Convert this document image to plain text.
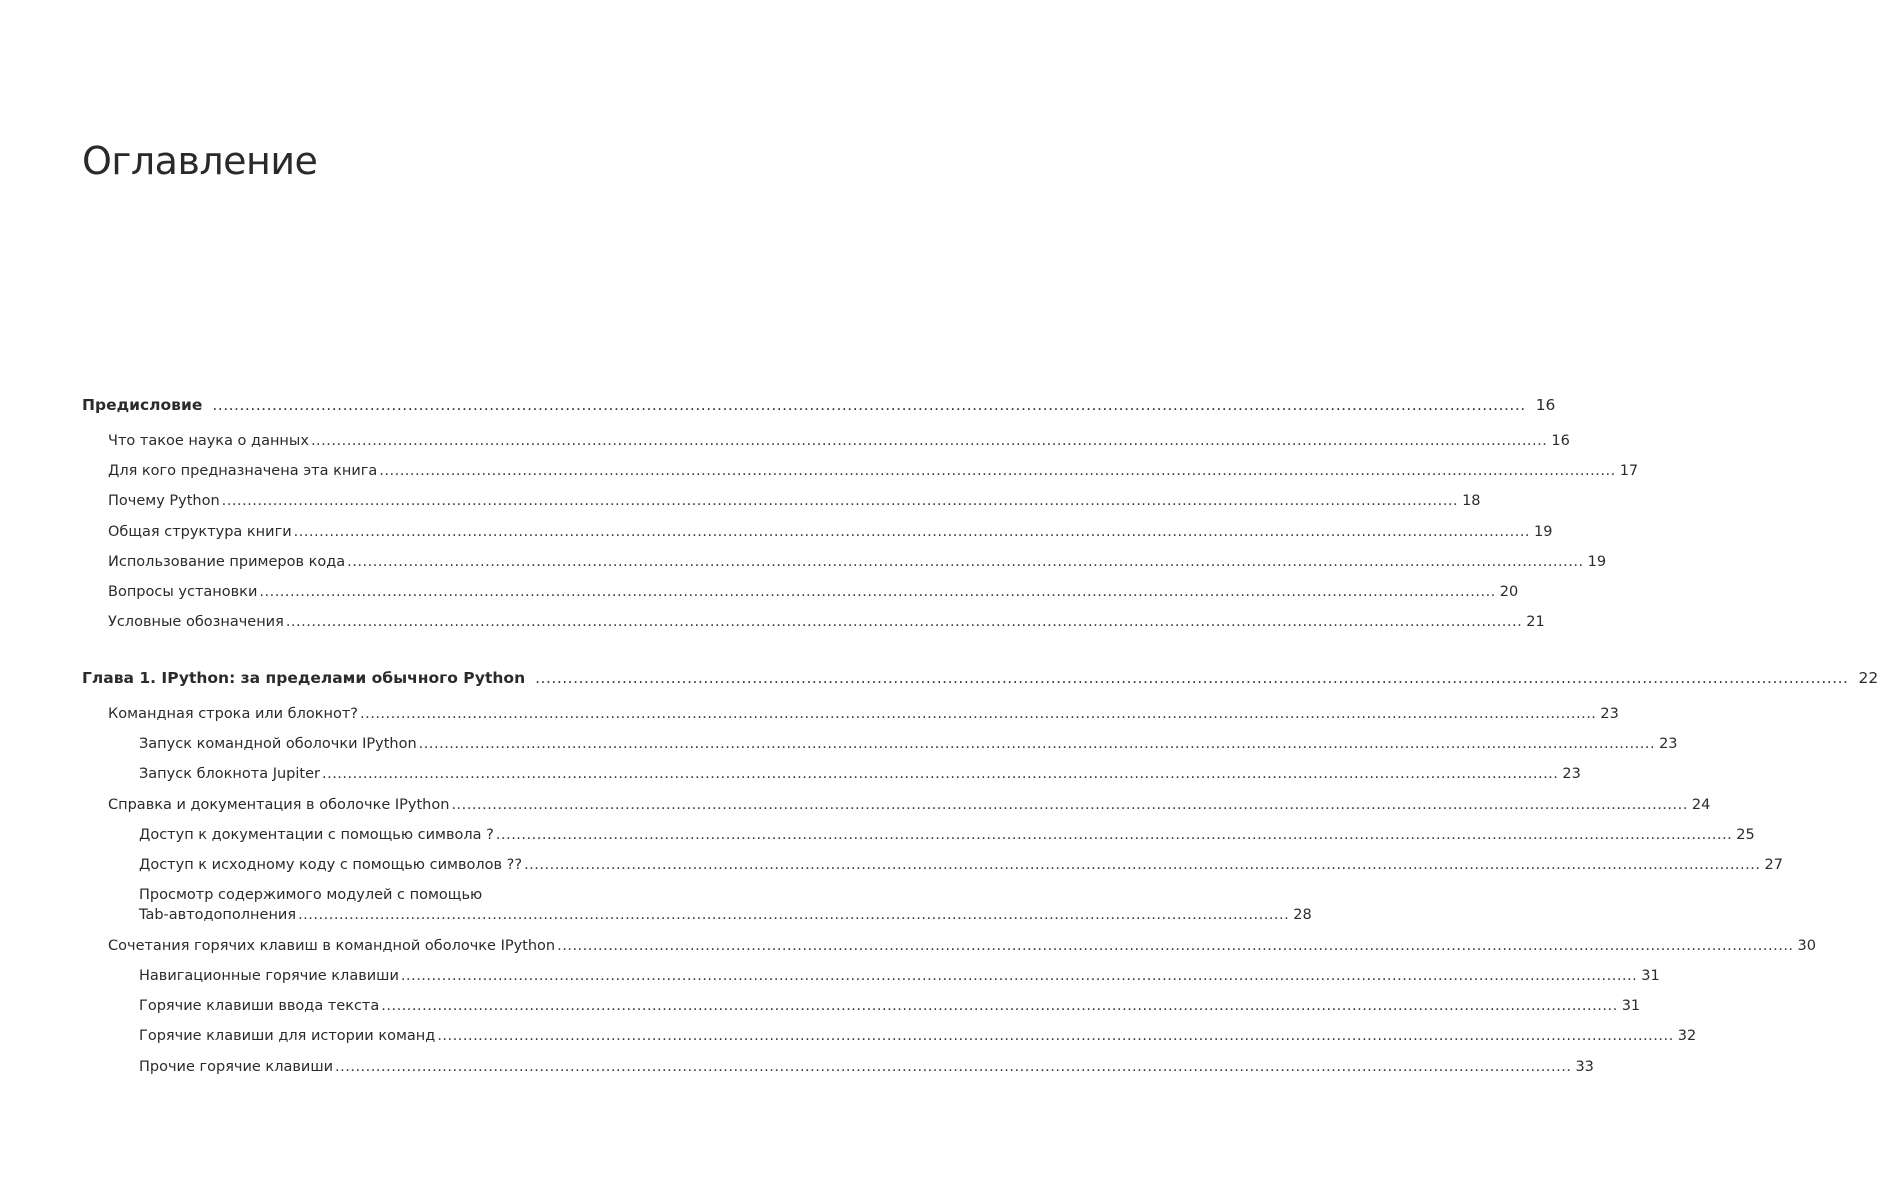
Оглавление
Предисловие .....	16
Что такое наука о данных .....	16
Для кого предназначена эта книга .....	17
Почему Python .....	18
Общая структура книги .....	19
Использование примеров кода .....	19
Вопросы установки .....	20
Условные обозначения .....	21
Глава 1. IPython: за пределами обычного Python .....	22
Командная строка или блокнот? .....	23
Запуск командной оболочки IPython .....	23
Запуск блокнота Jupiter .....	23
Справка и документация в оболочке IPython .....	24
Доступ к документации с помощью символа ? .....	25
Доступ к исходному коду с помощью символов ?? .....	27
Просмотр содержимого модулей с помощью
Tab-автодополнения .................................................................................................................................................................................................. 28
Сочетания горячих клавиш в командной оболочке IPython .....	30
Навигационные горячие клавиши .....	31
Горячие клавиши ввода текста .....	31
Горячие клавиши для истории команд .....	32
Прочие горячие клавиши .....	33
